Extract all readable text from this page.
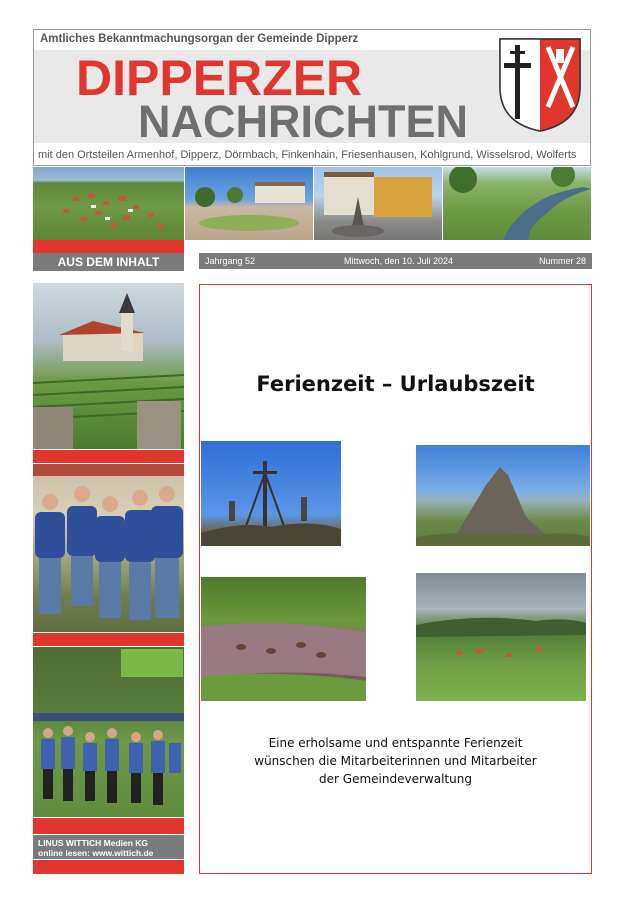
Amtliches Bekanntmachungsorgan der Gemeinde Dipperz
DIPPERZER
NACHRICHTEN
mit den Ortsteilen Armenhof, Dipperz, Dörmbach, Finkenhain, Friesenhausen, Kohlgrund, Wisselsrod, Wolferts
AUS DEM INHALT	Jahrgang 52	Mittwoch, den 10. Juli 2024	Nummer 28
LINUS WITTICH Medien KG
online lesen: www.wittich.de
Ferienzeit – Urlaubszeit
Eine erholsame und entspannte Ferienzeit
wünschen die Mitarbeiterinnen und Mitarbeiter
der Gemeindeverwaltung
